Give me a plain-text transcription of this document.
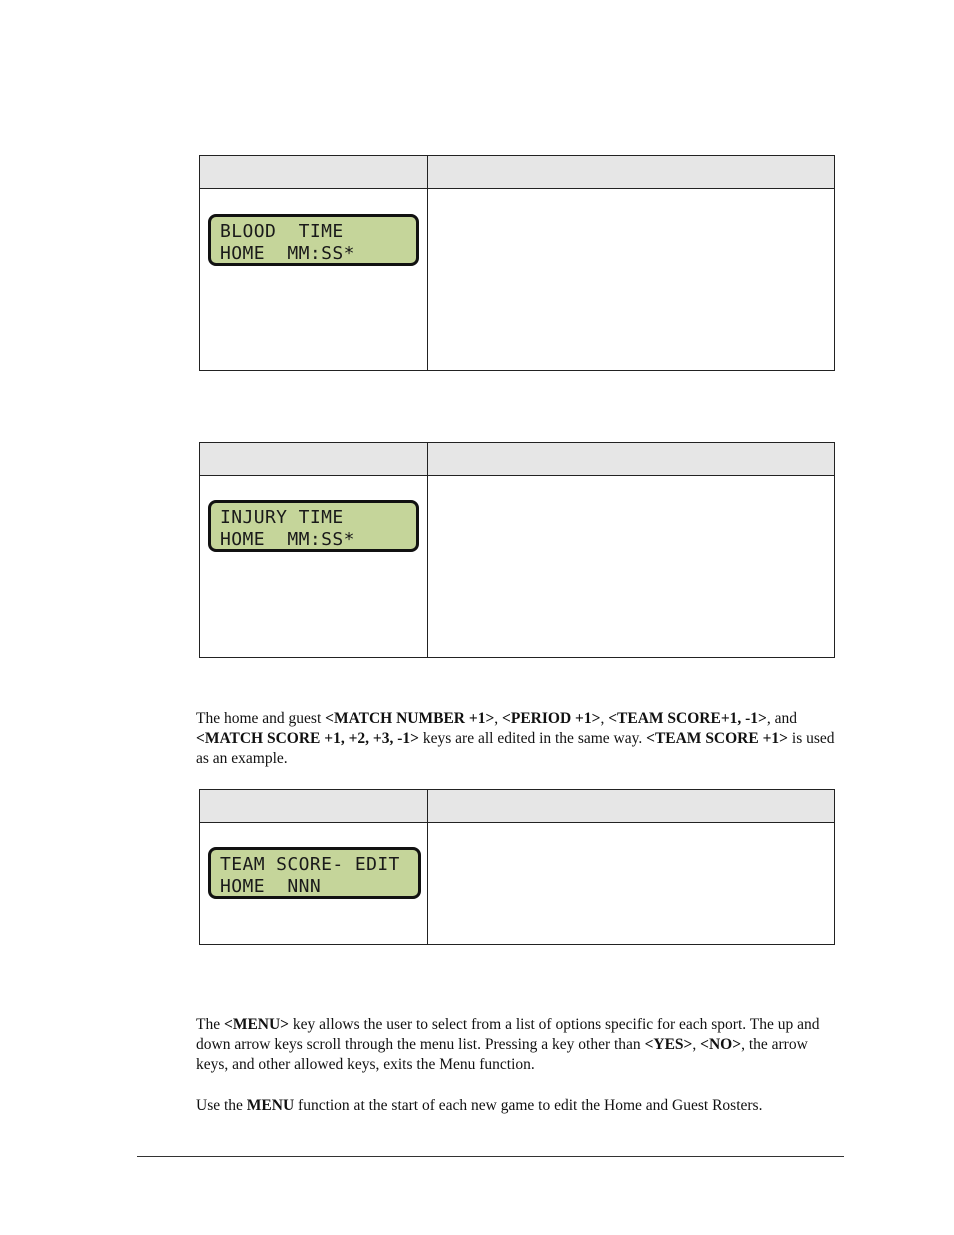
BLOOD  TIME
HOME  MM:SS*
INJURY TIME
HOME  MM:SS*
The home and guest <MATCH NUMBER +1>, <PERIOD +1>, <TEAM SCORE+1, -1>, and <MATCH SCORE +1, +2, +3, -1> keys are all edited in the same way. <TEAM SCORE +1> is used as an example.
TEAM SCORE- EDIT
HOME  NNN
The <MENU> key allows the user to select from a list of options specific for each sport. The up and down arrow keys scroll through the menu list. Pressing a key other than <YES>, <NO>, the arrow keys, and other allowed keys, exits the Menu function.
Use the MENU function at the start of each new game to edit the Home and Guest Rosters.
